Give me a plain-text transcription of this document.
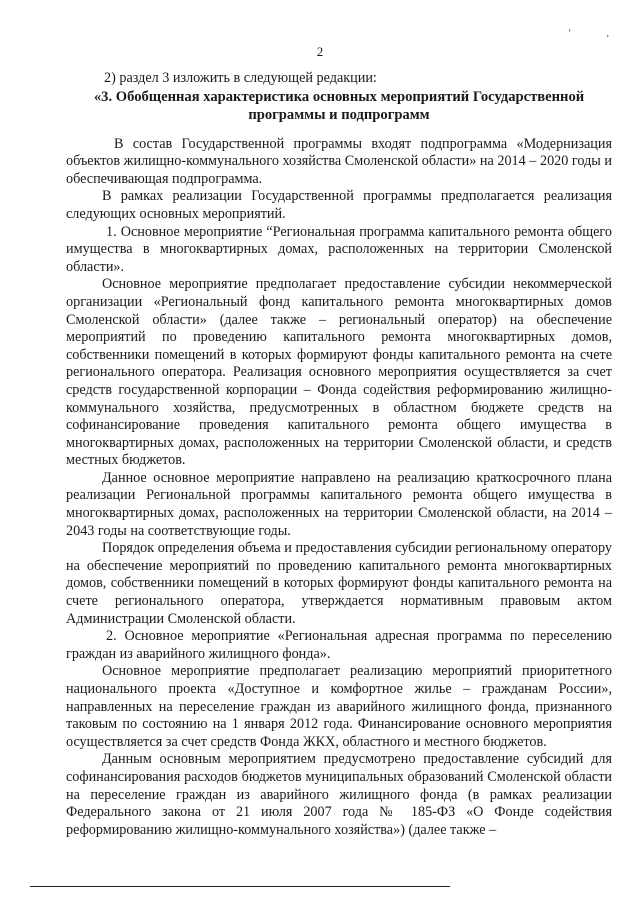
‘
’
2

2) раздел 3 изложить в следующей редакции:

«3. Обобщенная характеристика основных мероприятий Государственной программы и подпрограмм

В состав Государственной программы входят подпрограмма «Модернизация объектов жилищно-коммунального хозяйства Смоленской области» на 2014 – 2020 годы и обеспечивающая подпрограмма.

В рамках реализации Государственной программы предполагается реализация следующих основных мероприятий.

1. Основное мероприятие “Региональная программа капитального ремонта общего имущества в многоквартирных домах, расположенных на территории Смоленской области».

Основное мероприятие предполагает предоставление субсидии некоммерческой организации «Региональный фонд капитального ремонта многоквартирных домов Смоленской области» (далее также – региональный оператор) на обеспечение мероприятий по проведению капитального ремонта многоквартирных домов, собственники помещений в которых формируют фонды капитального ремонта на счете регионального оператора. Реализация основного мероприятия осуществляется за счет средств государственной корпорации – Фонда содействия реформированию жилищно-коммунального хозяйства, предусмотренных в областном бюджете средств на софинансирование проведения капитального ремонта общего имущества в многоквартирных домах, расположенных на территории Смоленской области, и средств местных бюджетов.

Данное основное мероприятие направлено на реализацию краткосрочного плана реализации Региональной программы капитального ремонта общего имущества в многоквартирных домах, расположенных на территории Смоленской области, на 2014 – 2043 годы на соответствующие годы.

Порядок определения объема и предоставления субсидии региональному оператору на обеспечение мероприятий по проведению капитального ремонта многоквартирных домов, собственники помещений в которых формируют фонды капитального ремонта на счете регионального оператора, утверждается нормативным правовым актом Администрации Смоленской области.

2. Основное мероприятие «Региональная адресная программа по переселению граждан из аварийного жилищного фонда».

Основное мероприятие предполагает реализацию мероприятий приоритетного национального проекта «Доступное и комфортное жилье – гражданам России», направленных на переселение граждан из аварийного жилищного фонда, признанного таковым по состоянию на 1 января 2012 года. Финансирование основного мероприятия осуществляется за счет средств Фонда ЖКХ, областного и местного бюджетов.

Данным основным мероприятием предусмотрено предоставление субсидий для софинансирования расходов бюджетов муниципальных образований Смоленской области на переселение граждан из аварийного жилищного фонда (в рамках реализации Федерального закона от 21 июля 2007 года № 185-ФЗ «О Фонде содействия реформированию жилищно-коммунального хозяйства») (далее также –
